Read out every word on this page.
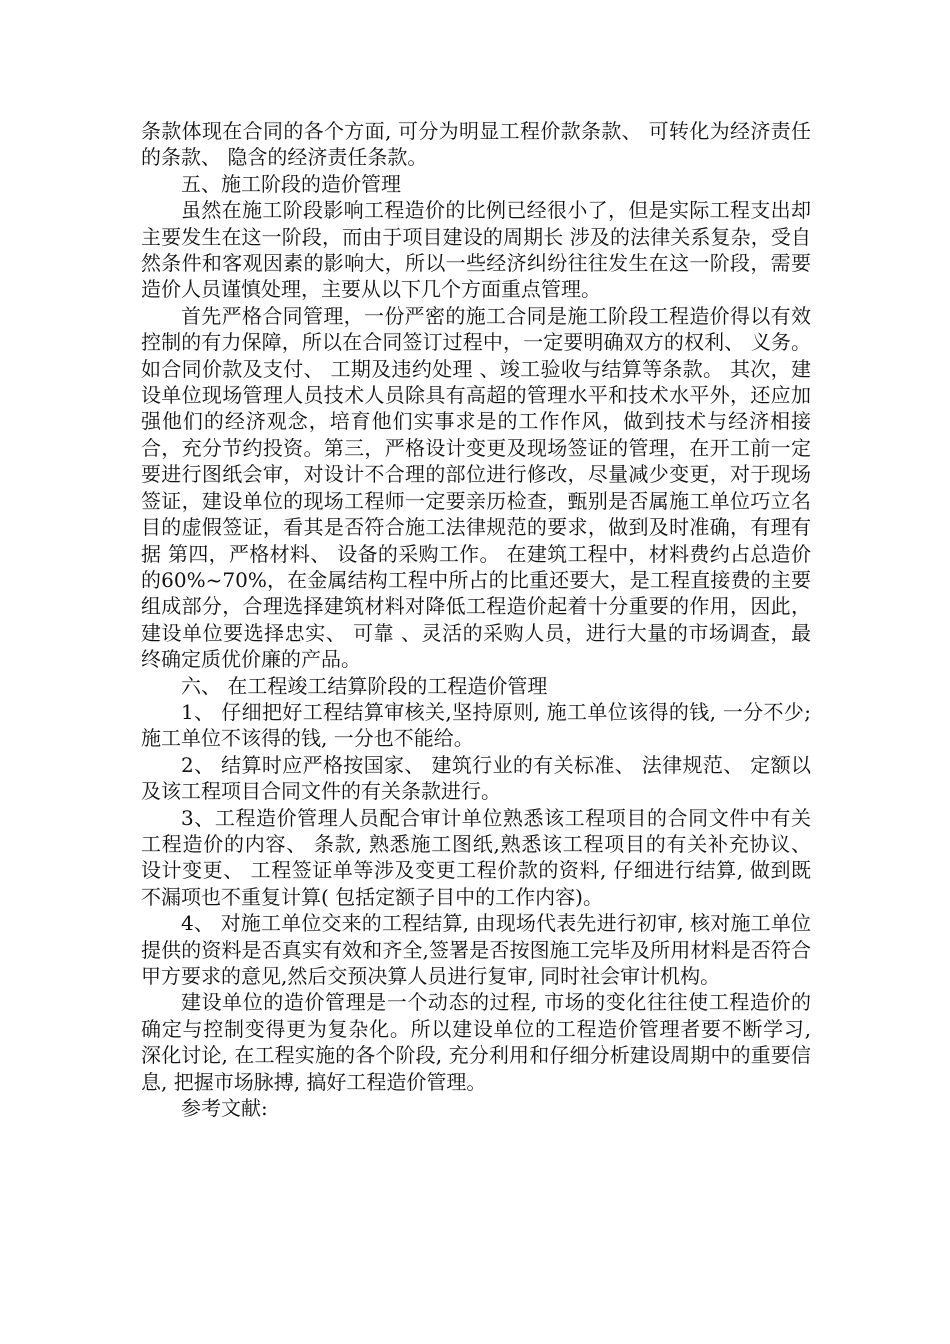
条款体现在合同的各个方面, 可分为明显工程价款条款、 可转化为经济责任的条款、 隐含的经济责任条款。

五、施工阶段的造价管理

虽然在施工阶段影响工程造价的比例已经很小了，但是实际工程支出却主要发生在这一阶段，而由于项目建设的周期长 涉及的法律关系复杂，受自然条件和客观因素的影响大，所以一些经济纠纷往往发生在这一阶段，需要造价人员谨慎处理，主要从以下几个方面重点管理。

首先严格合同管理，一份严密的施工合同是施工阶段工程造价得以有效控制的有力保障，所以在合同签订过程中，一定要明确双方的权利、 义务。 如合同价款及支付、 工期及违约处理 、竣工验收与结算等条款。 其次，建设单位现场管理人员技术人员除具有高超的管理水平和技术水平外，还应加强他们的经济观念，培育他们实事求是的工作作风，做到技术与经济相接合，充分节约投资。第三，严格设计变更及现场签证的管理，在开工前一定要进行图纸会审，对设计不合理的部位进行修改，尽量减少变更，对于现场签证，建设单位的现场工程师一定要亲历检查，甄别是否属施工单位巧立名目的虚假签证，看其是否符合施工法律规范的要求，做到及时准确，有理有据 第四，严格材料、 设备的采购工作。 在建筑工程中，材料费约占总造价的60%~70%，在金属结构工程中所占的比重还要大，是工程直接费的主要组成部分，合理选择建筑材料对降低工程造价起着十分重要的作用，因此，建设单位要选择忠实、 可靠 、灵活的采购人员，进行大量的市场调查，最终确定质优价廉的产品。

六、 在工程竣工结算阶段的工程造价管理

1、 仔细把好工程结算审核关,坚持原则, 施工单位该得的钱, 一分不少; 施工单位不该得的钱, 一分也不能给。

2、 结算时应严格按国家、 建筑行业的有关标准、 法律规范、 定额以及该工程项目合同文件的有关条款进行。

3、工程造价管理人员配合审计单位熟悉该工程项目的合同文件中有关工程造价的内容、 条款, 熟悉施工图纸,熟悉该工程项目的有关补充协议、 设计变更、 工程签证单等涉及变更工程价款的资料, 仔细进行结算, 做到既不漏项也不重复计算( 包括定额子目中的工作内容)。

4、 对施工单位交来的工程结算, 由现场代表先进行初审, 核对施工单位提供的资料是否真实有效和齐全,签署是否按图施工完毕及所用材料是否符合甲方要求的意见,然后交预决算人员进行复审, 同时社会审计机构。

建设单位的造价管理是一个动态的过程, 市场的变化往往使工程造价的确定与控制变得更为复杂化。所以建设单位的工程造价管理者要不断学习, 深化讨论, 在工程实施的各个阶段, 充分利用和仔细分析建设周期中的重要信息, 把握市场脉搏, 搞好工程造价管理。

参考文献:
